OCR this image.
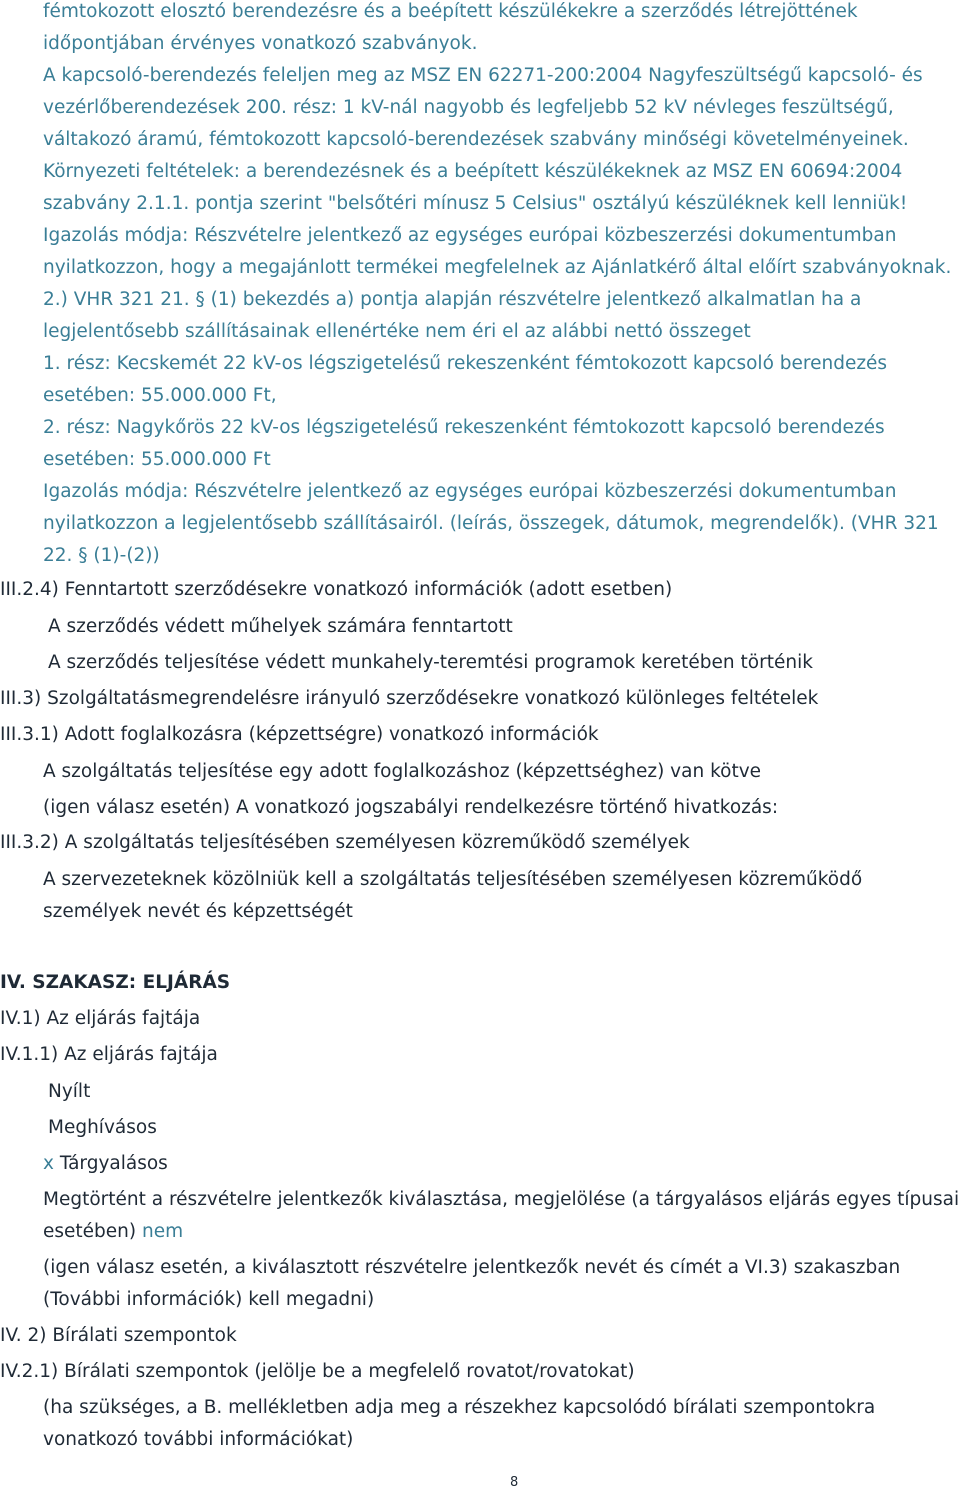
fémtokozott elosztó berendezésre és a beépített készülékekre a szerződés létrejöttének
időpontjában érvényes vonatkozó szabványok.
A kapcsoló-berendezés feleljen meg az MSZ EN 62271-200:2004 Nagyfeszültségű kapcsoló- és
vezérlőberendezések 200. rész: 1 kV-nál nagyobb és legfeljebb 52 kV névleges feszültségű,
váltakozó áramú, fémtokozott kapcsoló-berendezések szabvány minőségi követelményeinek.
Környezeti feltételek: a berendezésnek és a beépített készülékeknek az MSZ EN 60694:2004
szabvány 2.1.1. pontja szerint "belsőtéri mínusz 5 Celsius" osztályú készüléknek kell lenniük!
Igazolás módja: Részvételre jelentkező az egységes európai közbeszerzési dokumentumban
nyilatkozzon, hogy a megajánlott termékei megfelelnek az Ajánlatkérő által előírt szabványoknak.
2.) VHR 321 21. § (1) bekezdés a) pontja alapján részvételre jelentkező alkalmatlan ha a
legjelentősebb szállításainak ellenértéke nem éri el az alábbi nettó összeget
1. rész: Kecskemét 22 kV-os légszigetelésű rekeszenként fémtokozott kapcsoló berendezés
esetében: 55.000.000 Ft,
2. rész: Nagykőrös 22 kV-os légszigetelésű rekeszenként fémtokozott kapcsoló berendezés
esetében: 55.000.000 Ft
Igazolás módja: Részvételre jelentkező az egységes európai közbeszerzési dokumentumban
nyilatkozzon a legjelentősebb szállításairól. (leírás, összegek, dátumok, megrendelők). (VHR 321
22. § (1)-(2))
III.2.4) Fenntartott szerződésekre vonatkozó információk (adott esetben)
A szerződés védett műhelyek számára fenntartott
A szerződés teljesítése védett munkahely-teremtési programok keretében történik
III.3) Szolgáltatásmegrendelésre irányuló szerződésekre vonatkozó különleges feltételek
III.3.1) Adott foglalkozásra (képzettségre) vonatkozó információk
A szolgáltatás teljesítése egy adott foglalkozáshoz (képzettséghez) van kötve
(igen válasz esetén) A vonatkozó jogszabályi rendelkezésre történő hivatkozás:
III.3.2) A szolgáltatás teljesítésében személyesen közreműködő személyek
A szervezeteknek közölniük kell a szolgáltatás teljesítésében személyesen közreműködő
személyek nevét és képzettségét
IV. SZAKASZ: ELJÁRÁS
IV.1) Az eljárás fajtája
IV.1.1) Az eljárás fajtája
Nyílt
Meghívásos
x Tárgyalásos
Megtörtént a részvételre jelentkezők kiválasztása, megjelölése (a tárgyalásos eljárás egyes típusai
esetében) nem
(igen válasz esetén, a kiválasztott részvételre jelentkezők nevét és címét a VI.3) szakaszban
(További információk) kell megadni)
IV. 2) Bírálati szempontok
IV.2.1) Bírálati szempontok (jelölje be a megfelelő rovatot/rovatokat)
(ha szükséges, a B. mellékletben adja meg a részekhez kapcsolódó bírálati szempontokra
vonatkozó további információkat)
8
